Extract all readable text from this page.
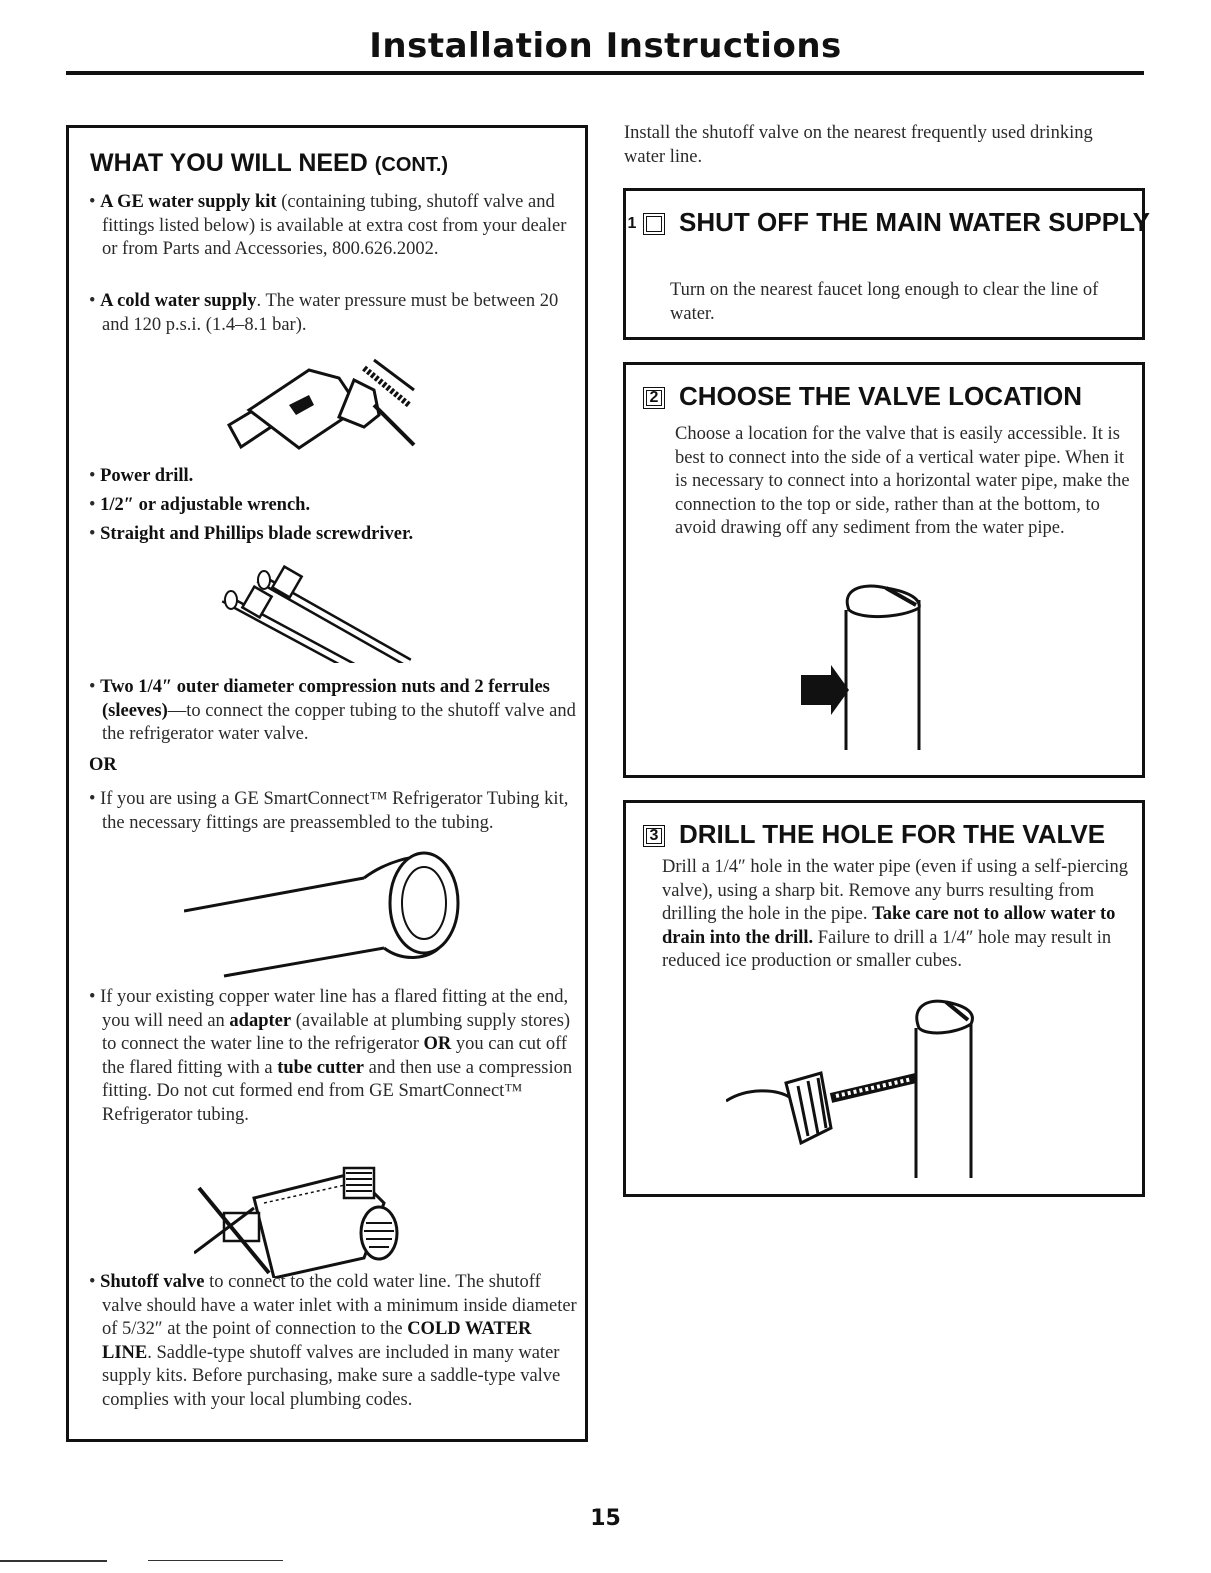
Installation Instructions
WHAT YOU WILL NEED (CONT.)
• A GE water supply kit (containing tubing, shutoff valve and fittings listed below) is available at extra cost from your dealer or from Parts and Accessories, 800.626.2002.
• A cold water supply. The water pressure must be between 20 and 120 p.s.i. (1.4–8.1 bar).
• Power drill.
• 1/2″ or adjustable wrench.
• Straight and Phillips blade screwdriver.
• Two 1/4″ outer diameter compression nuts and 2 ferrules (sleeves)—to connect the copper tubing to the shutoff valve and the refrigerator water valve.
OR
• If you are using a GE SmartConnect™ Refrigerator Tubing kit, the necessary fittings are preassembled to the tubing.
• If your existing copper water line has a flared fitting at the end, you will need an adapter (available at plumbing supply stores) to connect the water line to the refrigerator OR you can cut off the flared fitting with a tube cutter and then use a compression fitting. Do not cut formed end from GE SmartConnect™ Refrigerator tubing.
• Shutoff valve to connect to the cold water line. The shutoff valve should have a water inlet with a minimum inside diameter of 5/32″ at the point of connection to the COLD WATER LINE. Saddle-type shutoff valves are included in many water supply kits. Before purchasing, make sure a saddle-type valve complies with your local plumbing codes.
Install the shutoff valve on the nearest frequently used drinking water line.
1 SHUT OFF THE MAIN WATER SUPPLY
Turn on the nearest faucet long enough to clear the line of water.
2 CHOOSE THE VALVE LOCATION
Choose a location for the valve that is easily accessible. It is best to connect into the side of a vertical water pipe. When it is necessary to connect into a horizontal water pipe, make the connection to the top or side, rather than at the bottom, to avoid drawing off any sediment from the water pipe.
3 DRILL THE HOLE FOR THE VALVE
Drill a 1/4″ hole in the water pipe (even if using a self-piercing valve), using a sharp bit. Remove any burrs resulting from drilling the hole in the pipe. Take care not to allow water to drain into the drill. Failure to drill a 1/4″ hole may result in reduced ice production or smaller cubes.
15
